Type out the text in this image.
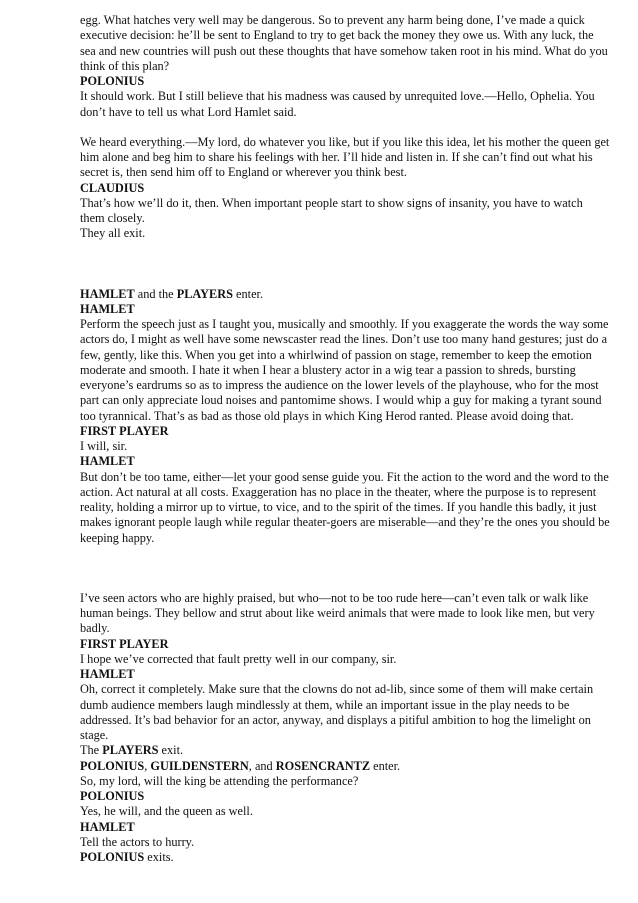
egg. What hatches very well may be dangerous. So to prevent any harm being done, I’ve made a quick executive decision: he’ll be sent to England to try to get back the money they owe us. With any luck, the sea and new countries will push out these thoughts that have somehow taken root in his mind. What do you think of this plan?

POLONIUS

It should work. But I still believe that his madness was caused by unrequited love.—Hello, Ophelia. You don’t have to tell us what Lord Hamlet said.

We heard everything.—My lord, do whatever you like, but if you like this idea, let his mother the queen get him alone and beg him to share his feelings with her. I’ll hide and listen in. If she can’t find out what his secret is, then send him off to England or wherever you think best.

CLAUDIUS

That’s how we’ll do it, then. When important people start to show signs of insanity, you have to watch them closely.

They all exit.

HAMLET and the PLAYERS enter.

HAMLET

Perform the speech just as I taught you, musically and smoothly. If you exaggerate the words the way some actors do, I might as well have some newscaster read the lines. Don’t use too many hand gestures; just do a few, gently, like this. When you get into a whirlwind of passion on stage, remember to keep the emotion moderate and smooth. I hate it when I hear a blustery actor in a wig tear a passion to shreds, bursting everyone’s eardrums so as to impress the audience on the lower levels of the playhouse, who for the most part can only appreciate loud noises and pantomime shows. I would whip a guy for making a tyrant sound too tyrannical. That’s as bad as those old plays in which King Herod ranted. Please avoid doing that.

FIRST PLAYER

I will, sir.

HAMLET

But don’t be too tame, either—let your good sense guide you. Fit the action to the word and the word to the action. Act natural at all costs. Exaggeration has no place in the theater, where the purpose is to represent reality, holding a mirror up to virtue, to vice, and to the spirit of the times. If you handle this badly, it just makes ignorant people laugh while regular theater-goers are miserable—and they’re the ones you should be keeping happy.

I’ve seen actors who are highly praised, but who—not to be too rude here—can’t even talk or walk like human beings. They bellow and strut about like weird animals that were made to look like men, but very badly.

FIRST PLAYER

I hope we’ve corrected that fault pretty well in our company, sir.

HAMLET

Oh, correct it completely. Make sure that the clowns do not ad-lib, since some of them will make certain dumb audience members laugh mindlessly at them, while an important issue in the play needs to be addressed. It’s bad behavior for an actor, anyway, and displays a pitiful ambition to hog the limelight on stage.

The PLAYERS exit.

POLONIUS, GUILDENSTERN, and ROSENCRANTZ enter.

So, my lord, will the king be attending the performance?

POLONIUS

Yes, he will, and the queen as well.

HAMLET

Tell the actors to hurry.

POLONIUS exits.
